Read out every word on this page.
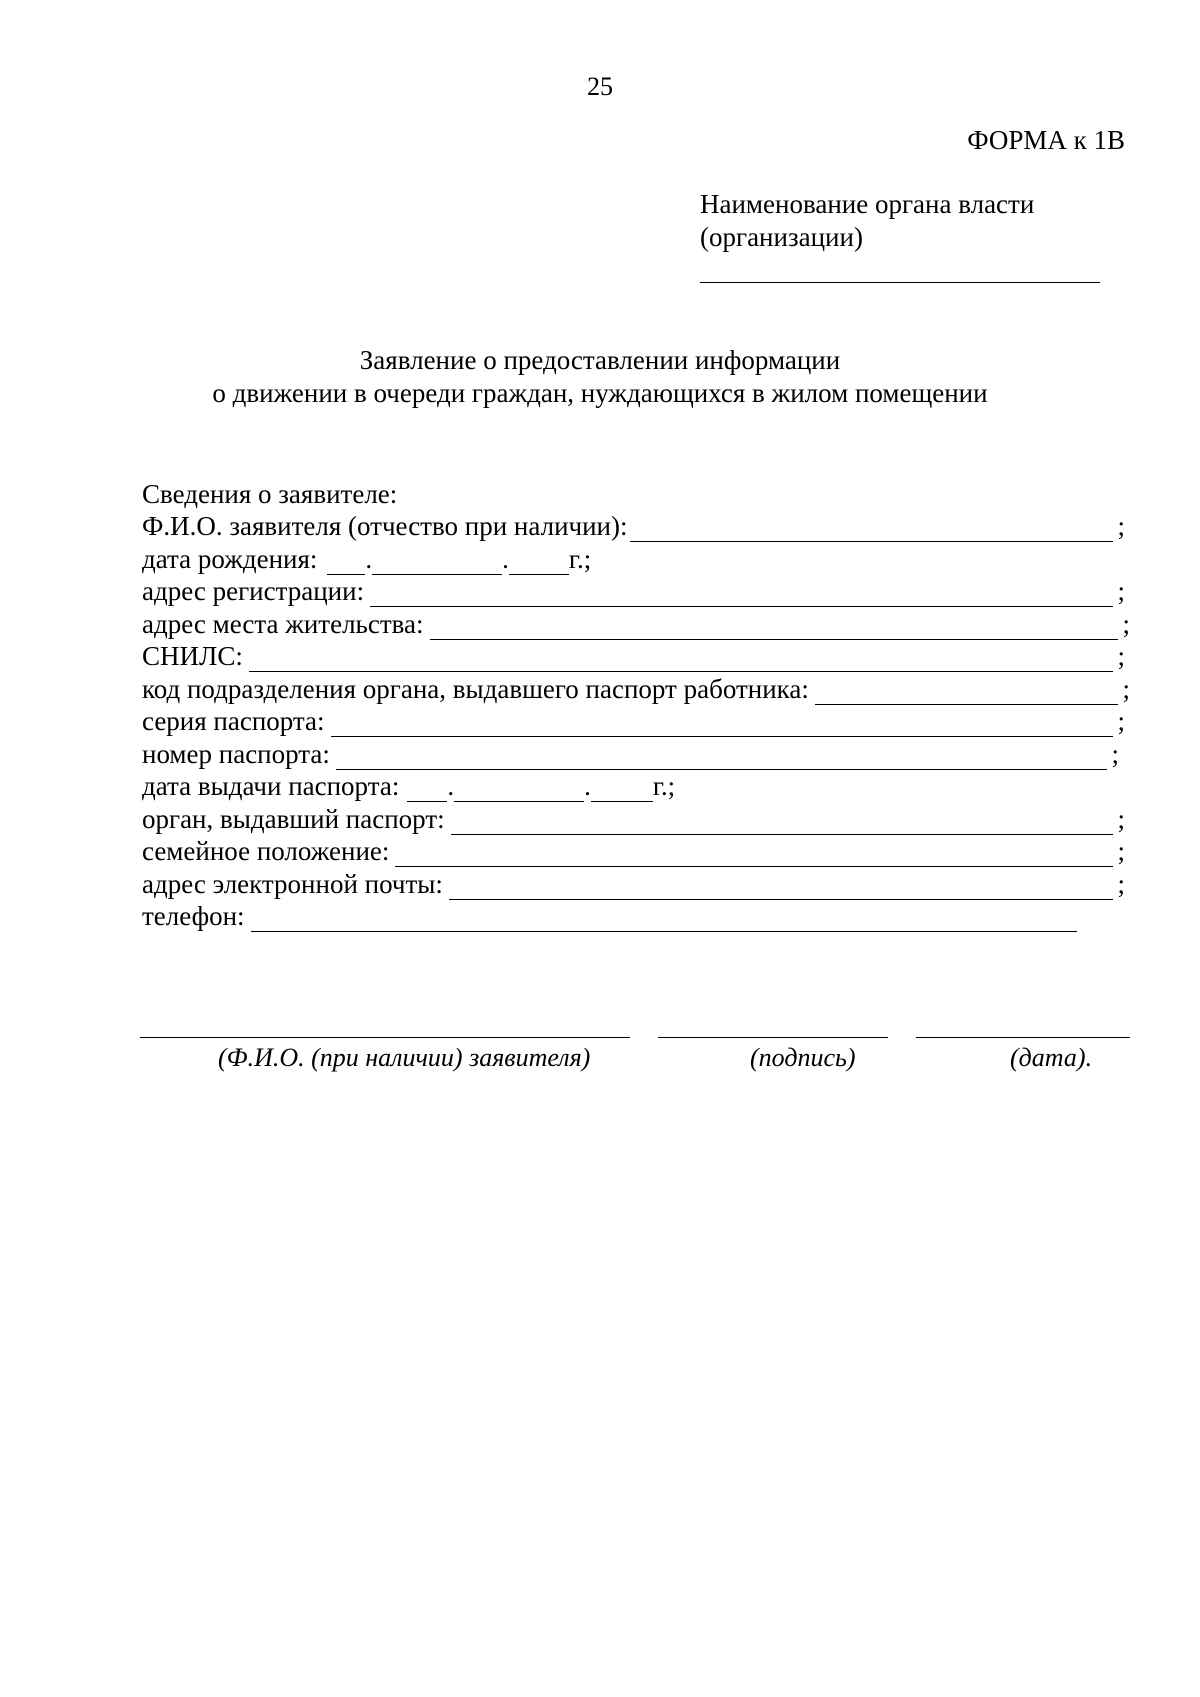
25
ФОРМА к 1В
Наименование органа власти
(организации)
Заявление о предоставлении информации
о движении в очереди граждан, нуждающихся в жилом помещении
Сведения о заявителе:
Ф.И.О. заявителя (отчество при наличии):	;
дата рождения: .	. г.;
адрес регистрации:	;
адрес места жительства:	;
СНИЛС:	;
код подразделения органа, выдавшего паспорт работника:	;
серия паспорта:	;
номер паспорта:	;
дата выдачи паспорта: .	. г.;
орган, выдавший паспорт:	;
семейное положение:	;
адрес электронной почты:	;
телефон:
(Ф.И.О. (при наличии) заявителя)	(подпись)	(дата).
